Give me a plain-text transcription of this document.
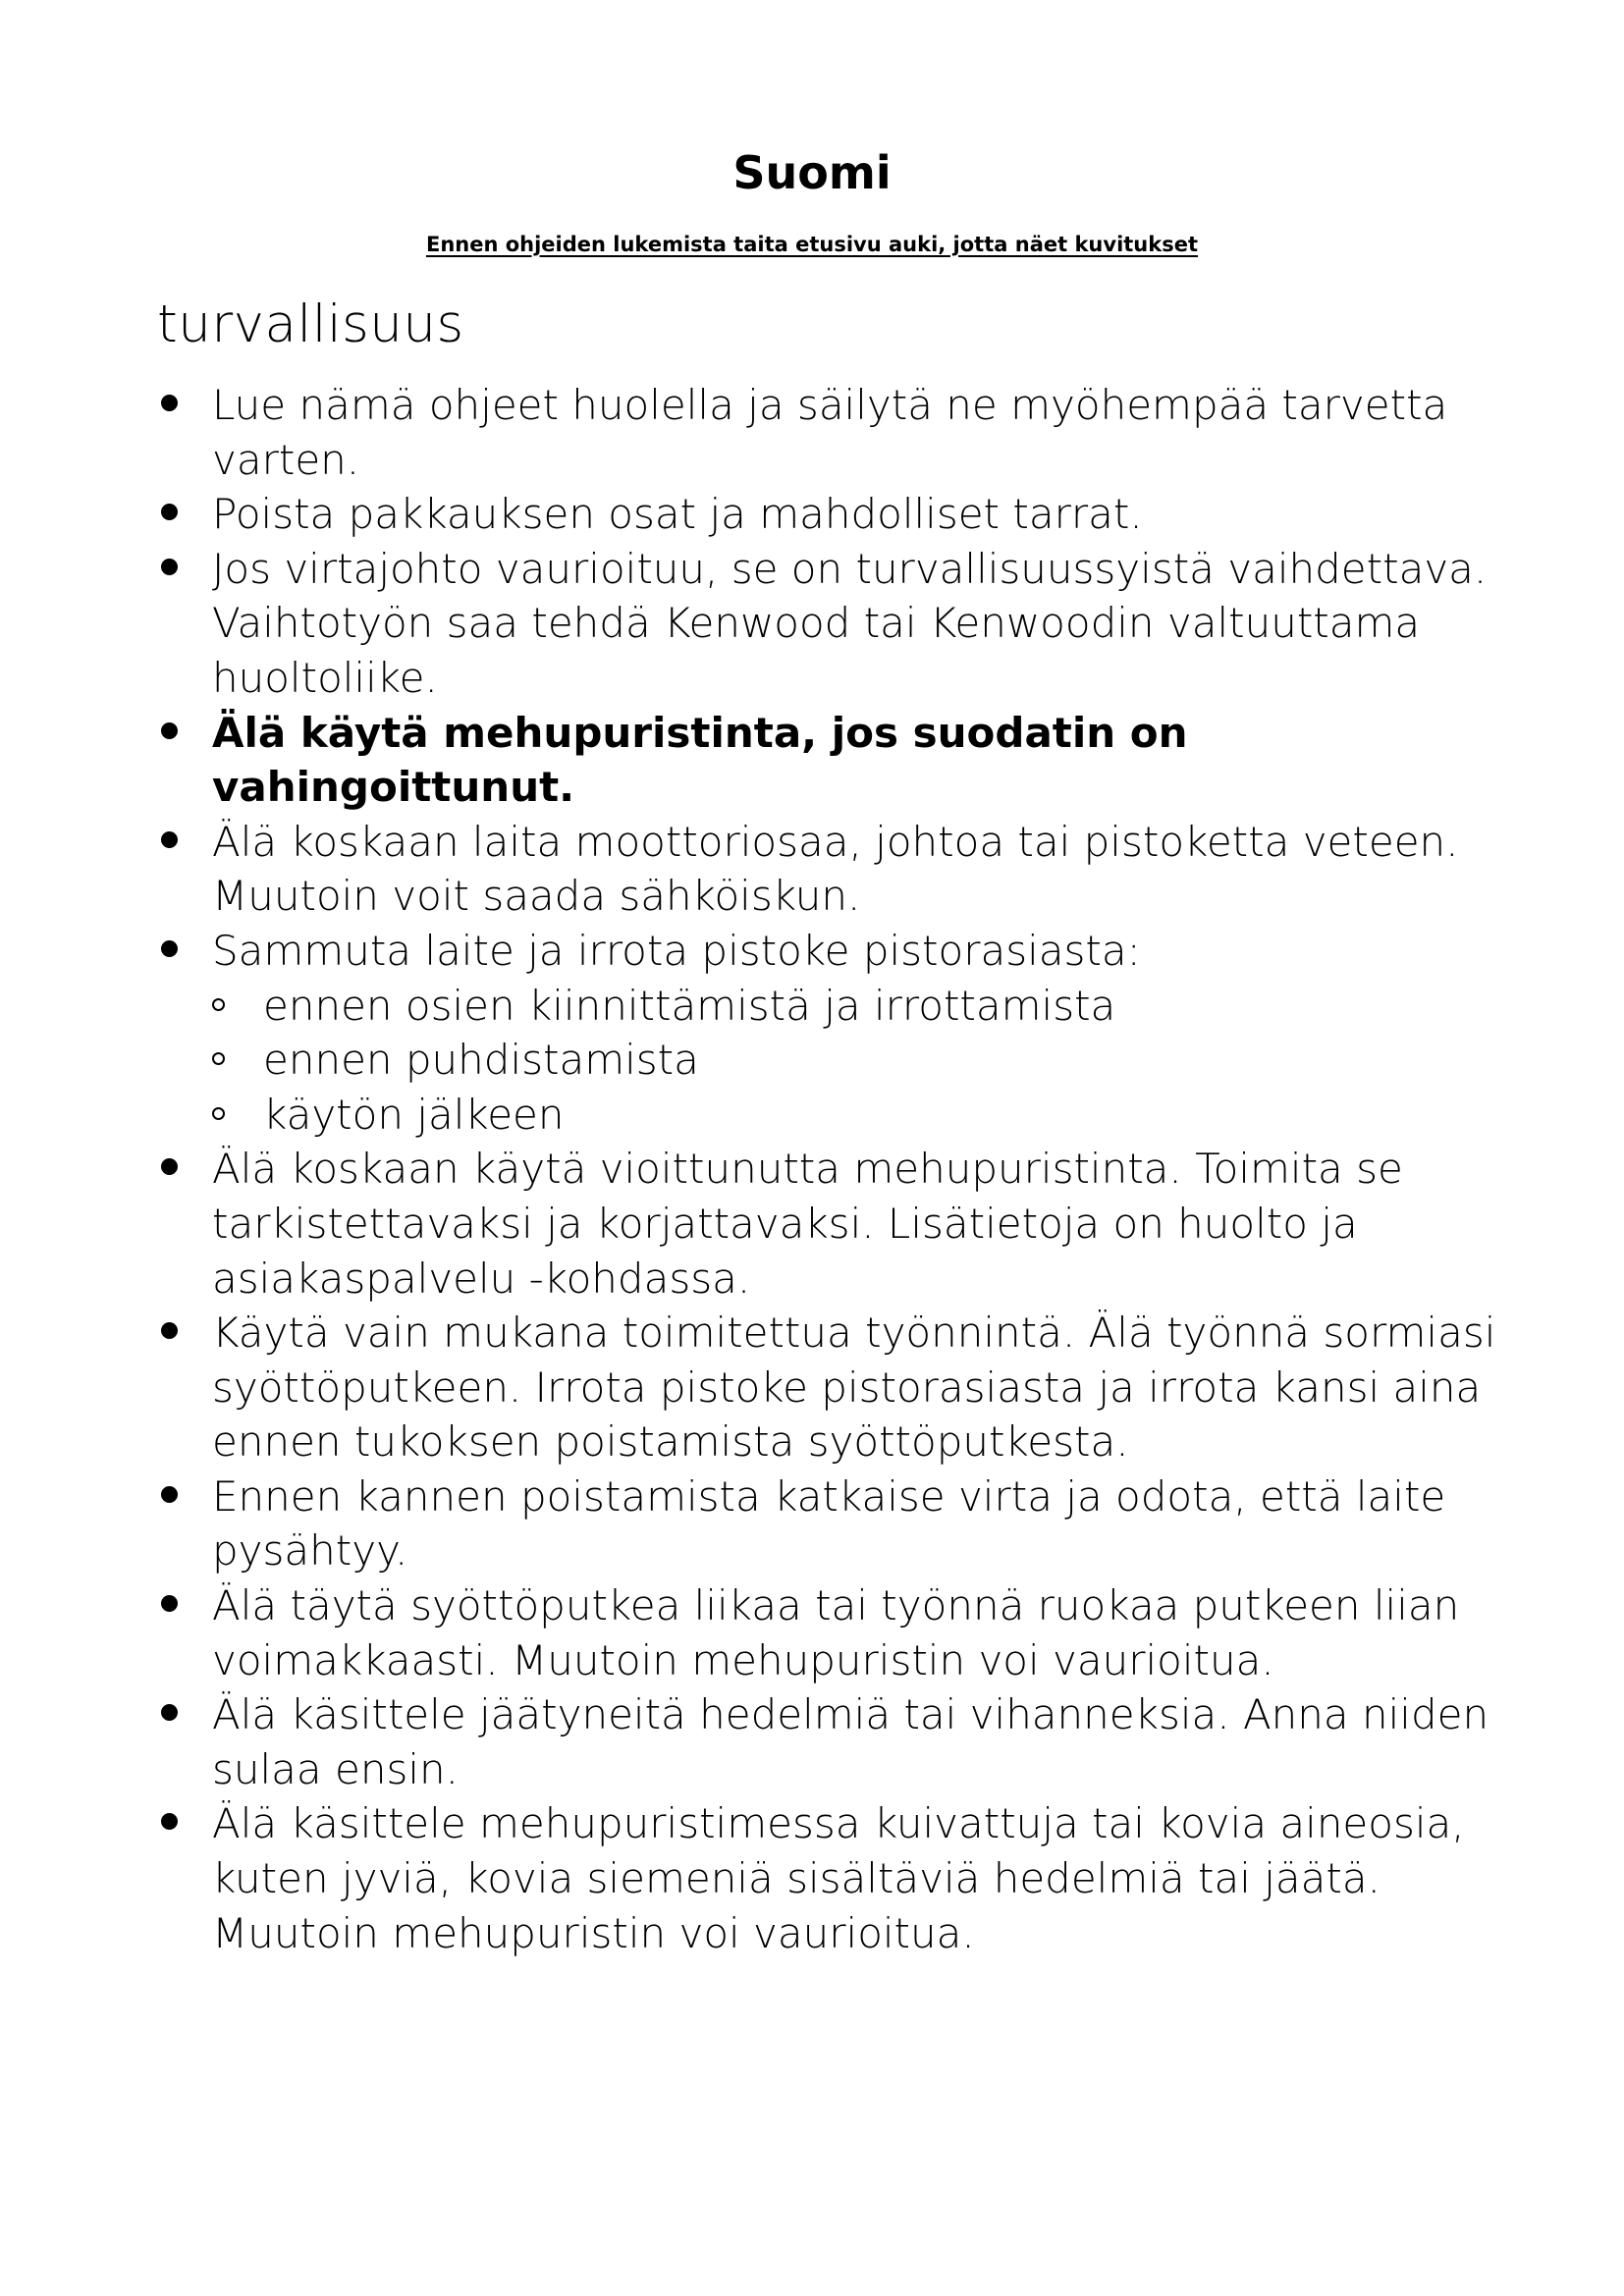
Suomi
Ennen ohjeiden lukemista taita etusivu auki, jotta näet kuvitukset
turvallisuus
Lue nämä ohjeet huolella ja säilytä ne myöhempää tarvetta varten.
Poista pakkauksen osat ja mahdolliset tarrat.
Jos virtajohto vaurioituu, se on turvallisuussyistä vaihdettava. Vaihtotyön saa tehdä Kenwood tai Kenwoodin valtuuttama huoltoliike.
Älä käytä mehupuristinta, jos suodatin on vahingoittunut.
Älä koskaan laita moottoriosaa, johtoa tai pistoketta veteen. Muutoin voit saada sähköiskun.
Sammuta laite ja irrota pistoke pistorasiasta:
ennen osien kiinnittämistä ja irrottamista
ennen puhdistamista
käytön jälkeen
Älä koskaan käytä vioittunutta mehupuristinta. Toimita se tarkistettavaksi ja korjattavaksi. Lisätietoja on huolto ja asiakaspalvelu -kohdassa.
Käytä vain mukana toimitettua työnnintä. Älä työnnä sormiasi syöttöputkeen. Irrota pistoke pistorasiasta ja irrota kansi aina ennen tukoksen poistamista syöttöputkesta.
Ennen kannen poistamista katkaise virta ja odota, että laite pysähtyy.
Älä täytä syöttöputkea liikaa tai työnnä ruokaa putkeen liian voimakkaasti. Muutoin mehupuristin voi vaurioitua.
Älä käsittele jäätyneitä hedelmiä tai vihanneksia. Anna niiden sulaa ensin.
Älä käsittele mehupuristimessa kuivattuja tai kovia aineosia, kuten jyviä, kovia siemeniä sisältäviä hedelmiä tai jäätä. Muutoin mehupuristin voi vaurioitua.
